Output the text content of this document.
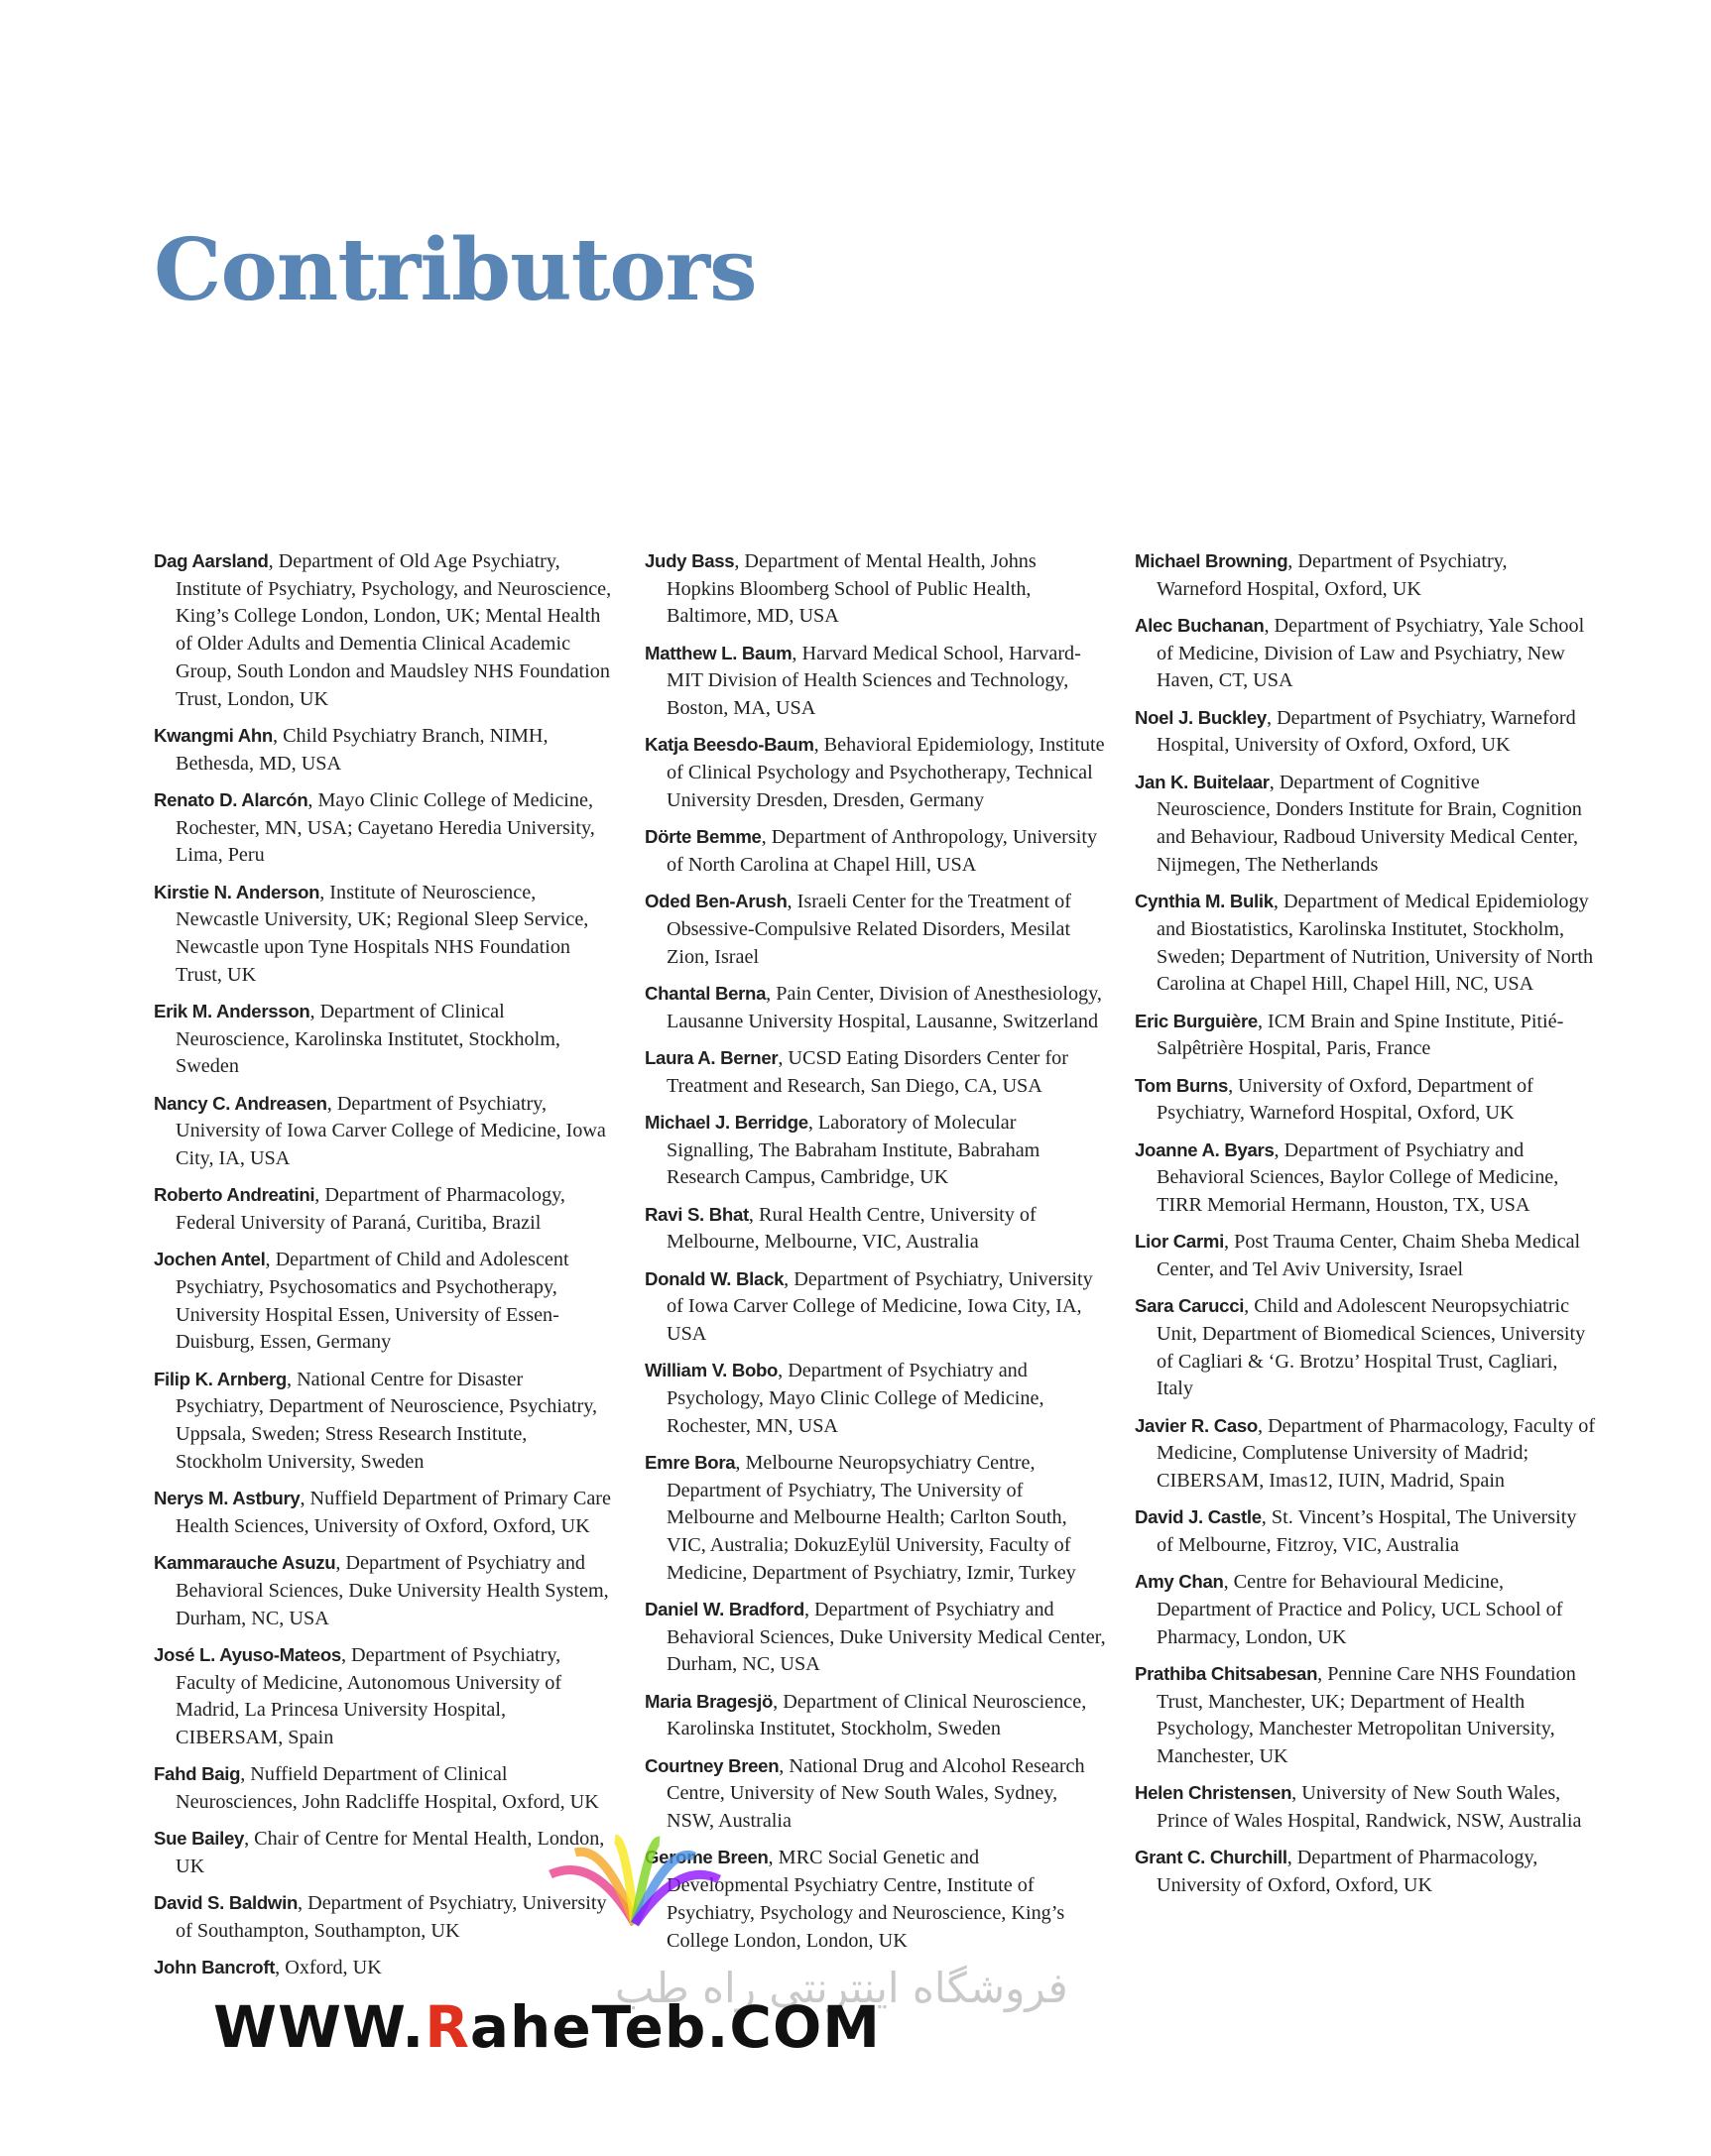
Contributors

Dag Aarsland, Department of Old Age Psychiatry, Institute of Psychiatry, Psychology, and Neuroscience, King’s College London, London, UK; Mental Health of Older Adults and Dementia Clinical Academic Group, South London and Maudsley NHS Foundation Trust, London, UK

Kwangmi Ahn, Child Psychiatry Branch, NIMH, Bethesda, MD, USA

Renato D. Alarcón, Mayo Clinic College of Medicine, Rochester, MN, USA; Cayetano Heredia University, Lima, Peru

Kirstie N. Anderson, Institute of Neuroscience, Newcastle University, UK; Regional Sleep Service, Newcastle upon Tyne Hospitals NHS Foundation Trust, UK

Erik M. Andersson, Department of Clinical Neuroscience, Karolinska Institutet, Stockholm, Sweden

Nancy C. Andreasen, Department of Psychiatry, University of Iowa Carver College of Medicine, Iowa City, IA, USA

Roberto Andreatini, Department of Pharmacology, Federal University of Paraná, Curitiba, Brazil

Jochen Antel, Department of Child and Adolescent Psychiatry, Psychosomatics and Psychotherapy, University Hospital Essen, University of Essen-Duisburg, Essen, Germany

Filip K. Arnberg, National Centre for Disaster Psychiatry, Department of Neuroscience, Psychiatry, Uppsala, Sweden; Stress Research Institute, Stockholm University, Sweden

Nerys M. Astbury, Nuffield Department of Primary Care Health Sciences, University of Oxford, Oxford, UK

Kammarauche Asuzu, Department of Psychiatry and Behavioral Sciences, Duke University Health System, Durham, NC, USA

José L. Ayuso-Mateos, Department of Psychiatry, Faculty of Medicine, Autonomous University of Madrid, La Princesa University Hospital, CIBERSAM, Spain

Fahd Baig, Nuffield Department of Clinical Neurosciences, John Radcliffe Hospital, Oxford, UK

Sue Bailey, Chair of Centre for Mental Health, London, UK

David S. Baldwin, Department of Psychiatry, University of Southampton, Southampton, UK

John Bancroft, Oxford, UK

Judy Bass, Department of Mental Health, Johns Hopkins Bloomberg School of Public Health, Baltimore, MD, USA

Matthew L. Baum, Harvard Medical School, Harvard-MIT Division of Health Sciences and Technology, Boston, MA, USA

Katja Beesdo-Baum, Behavioral Epidemiology, Institute of Clinical Psychology and Psychotherapy, Technical University Dresden, Dresden, Germany

Dörte Bemme, Department of Anthropology, University of North Carolina at Chapel Hill, USA

Oded Ben-Arush, Israeli Center for the Treatment of Obsessive-Compulsive Related Disorders, Mesilat Zion, Israel

Chantal Berna, Pain Center, Division of Anesthesiology, Lausanne University Hospital, Lausanne, Switzerland

Laura A. Berner, UCSD Eating Disorders Center for Treatment and Research, San Diego, CA, USA

Michael J. Berridge, Laboratory of Molecular Signalling, The Babraham Institute, Babraham Research Campus, Cambridge, UK

Ravi S. Bhat, Rural Health Centre, University of Melbourne, Melbourne, VIC, Australia

Donald W. Black, Department of Psychiatry, University of Iowa Carver College of Medicine, Iowa City, IA, USA

William V. Bobo, Department of Psychiatry and Psychology, Mayo Clinic College of Medicine, Rochester, MN, USA

Emre Bora, Melbourne Neuropsychiatry Centre, Department of Psychiatry, The University of Melbourne and Melbourne Health; Carlton South, VIC, Australia; DokuzEylül University, Faculty of Medicine, Department of Psychiatry, Izmir, Turkey

Daniel W. Bradford, Department of Psychiatry and Behavioral Sciences, Duke University Medical Center, Durham, NC, USA

Maria Bragesjö, Department of Clinical Neuroscience, Karolinska Institutet, Stockholm, Sweden

Courtney Breen, National Drug and Alcohol Research Centre, University of New South Wales, Sydney, NSW, Australia

Gerome Breen, MRC Social Genetic and Developmental Psychiatry Centre, Institute of Psychiatry, Psychology and Neuroscience, King’s College London, London, UK

Michael Browning, Department of Psychiatry, Warneford Hospital, Oxford, UK

Alec Buchanan, Department of Psychiatry, Yale School of Medicine, Division of Law and Psychiatry, New Haven, CT, USA

Noel J. Buckley, Department of Psychiatry, Warneford Hospital, University of Oxford, Oxford, UK

Jan K. Buitelaar, Department of Cognitive Neuroscience, Donders Institute for Brain, Cognition and Behaviour, Radboud University Medical Center, Nijmegen, The Netherlands

Cynthia M. Bulik, Department of Medical Epidemiology and Biostatistics, Karolinska Institutet, Stockholm, Sweden; Department of Nutrition, University of North Carolina at Chapel Hill, Chapel Hill, NC, USA

Eric Burguière, ICM Brain and Spine Institute, Pitié-Salpêtrière Hospital, Paris, France

Tom Burns, University of Oxford, Department of Psychiatry, Warneford Hospital, Oxford, UK

Joanne A. Byars, Department of Psychiatry and Behavioral Sciences, Baylor College of Medicine, TIRR Memorial Hermann, Houston, TX, USA

Lior Carmi, Post Trauma Center, Chaim Sheba Medical Center, and Tel Aviv University, Israel

Sara Carucci, Child and Adolescent Neuropsychiatric Unit, Department of Biomedical Sciences, University of Cagliari & ‘G. Brotzu’ Hospital Trust, Cagliari, Italy

Javier R. Caso, Department of Pharmacology, Faculty of Medicine, Complutense University of Madrid; CIBERSAM, Imas12, IUIN, Madrid, Spain

David J. Castle, St. Vincent’s Hospital, The University of Melbourne, Fitzroy, VIC, Australia

Amy Chan, Centre for Behavioural Medicine, Department of Practice and Policy, UCL School of Pharmacy, London, UK

Prathiba Chitsabesan, Pennine Care NHS Foundation Trust, Manchester, UK; Department of Health Psychology, Manchester Metropolitan University, Manchester, UK

Helen Christensen, University of New South Wales, Prince of Wales Hospital, Randwick, NSW, Australia

Grant C. Churchill, Department of Pharmacology, University of Oxford, Oxford, UK

فروشگاه اینترنتی راه طب
WWW.RaheTeb.COM
